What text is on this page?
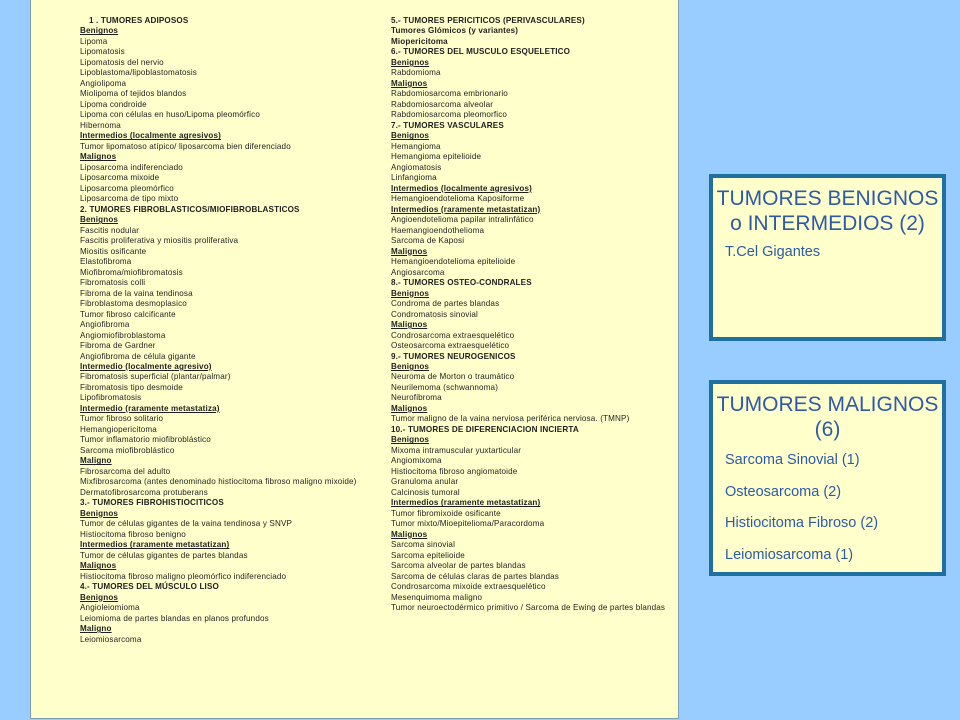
1 . TUMORES ADIPOSOS
Benignos
Lipoma
Lipomatosis
Lipomatosis del nervio
Lipoblastoma/lipoblastomatosis
Angiolipoma
Miolipoma of tejidos blandos
Lipoma condroide
Lipoma con células en huso/Lipoma pleomórfico
Hibernoma
Intermedios (localmente agresivos)
Tumor lipomatoso atípico/ liposarcoma bien diferenciado
Malignos
Liposarcoma indiferenciado
Liposarcoma mixoide
Liposarcoma pleomórfico
Liposarcoma de tipo mixto
2. TUMORES FIBROBLASTICOS/MIOFIBROBLASTICOS
Benignos
Fascitis nodular
Fascitis proliferativa y miositis proliferativa
Miositis osificante
Elastofibroma
Miofibroma/miofibromatosis
Fibromatosis colli
Fibroma de la vaina tendinosa
Fibroblastoma desmoplasico
Tumor fibroso calcificante
Angiofibroma
Angiomiofibroblastoma
Fibroma de Gardner
Angiofibroma de célula gigante
Intermedio (localmente agresivo)
Fibromatosis superficial (plantar/palmar)
Fibromatosis tipo desmoide
Lipofibromatosis
Intermedio (raramente metastatiza)
Tumor fibroso solitario
Hemangiopericitoma
Tumor inflamatorio miofibroblástico
Sarcoma miofibroblástico
Maligno
Fibrosarcoma del adulto
Mixfibrosarcoma (antes denominado histiocitoma fibroso maligno mixoide)
Dermatofibrosarcoma protuberans
3.- TUMORES FIBROHISTIOCITICOS
Benignos
Tumor de células gigantes de la vaina tendinosa y SNVP
Histiocitoma fibroso benigno
Intermedios (raramente metastatizan)
Tumor de células gigantes de partes blandas
Malignos
Histiocitoma fibroso maligno pleomórfico indiferenciado
4.- TUMORES DEL MÚSCULO LISO
Benignos
Angioleiomioma
Leiomioma de partes blandas en planos profundos
Maligno
Leiomiosarcoma
5.- TUMORES PERICITICOS (PERIVASCULARES)
Tumores Glómicos (y variantes)
Miopericitoma
6.- TUMORES DEL MUSCULO ESQUELETICO
Benignos
Rabdomioma
Malignos
Rabdomiosarcoma embrionario
Rabdomiosarcoma alveolar
Rabdomiosarcoma pleomorfico
7.- TUMORES VASCULARES
Benignos
Hemangioma
Hemangioma epitelioide
Angiomatosis
Linfangioma
Intermedios (localmente agresivos)
Hemangioendotelioma Kaposiforme
Intermedios (raramente metastatizan)
Angioendotelioma papilar intralinfático
Haemangioendothelioma
Sarcoma de Kaposi
Malignos
Hemangioendotelioma epitelioide
Angiosarcoma
8.- TUMORES OSTEO-CONDRALES
Benignos
Condroma de partes blandas
Condromatosis sinovial
Malignos
Condrosarcoma extraesquelético
Osteosarcoma extraesquelético
9.- TUMORES NEUROGENICOS
Benignos
Neuroma de Morton o traumático
Neurilemoma (schwannoma)
Neurofibroma
Malignos
Tumor maligno de la vaina nerviosa periférica nerviosa. (TMNP)
10.- TUMORES DE DIFERENCIACION INCIERTA
Benignos
Mixoma intramuscular yuxtarticular
Angiomixoma
Histiocitoma fibroso angiomatoide
Granuloma anular
Calcinosis tumoral
Intermedios (raramente metastatizan)
Tumor fibromixoide osificante
Tumor mixto/Mioepitelioma/Paracordoma
Malignos
Sarcoma sinovial
Sarcoma epitelioide
Sarcoma alveolar de partes blandas
Sarcoma de células claras de partes blandas
Condrosarcoma mixoide extraesquelético
Mesenquimoma maligno
Tumor neuroectodérmico primitivo / Sarcoma de Ewing de partes blandas
TUMORES BENIGNOS o INTERMEDIOS (2)
T.Cel Gigantes
TUMORES MALIGNOS (6)
Sarcoma Sinovial (1)
Osteosarcoma (2)
Histiocitoma Fibroso (2)
Leiomiosarcoma (1)
